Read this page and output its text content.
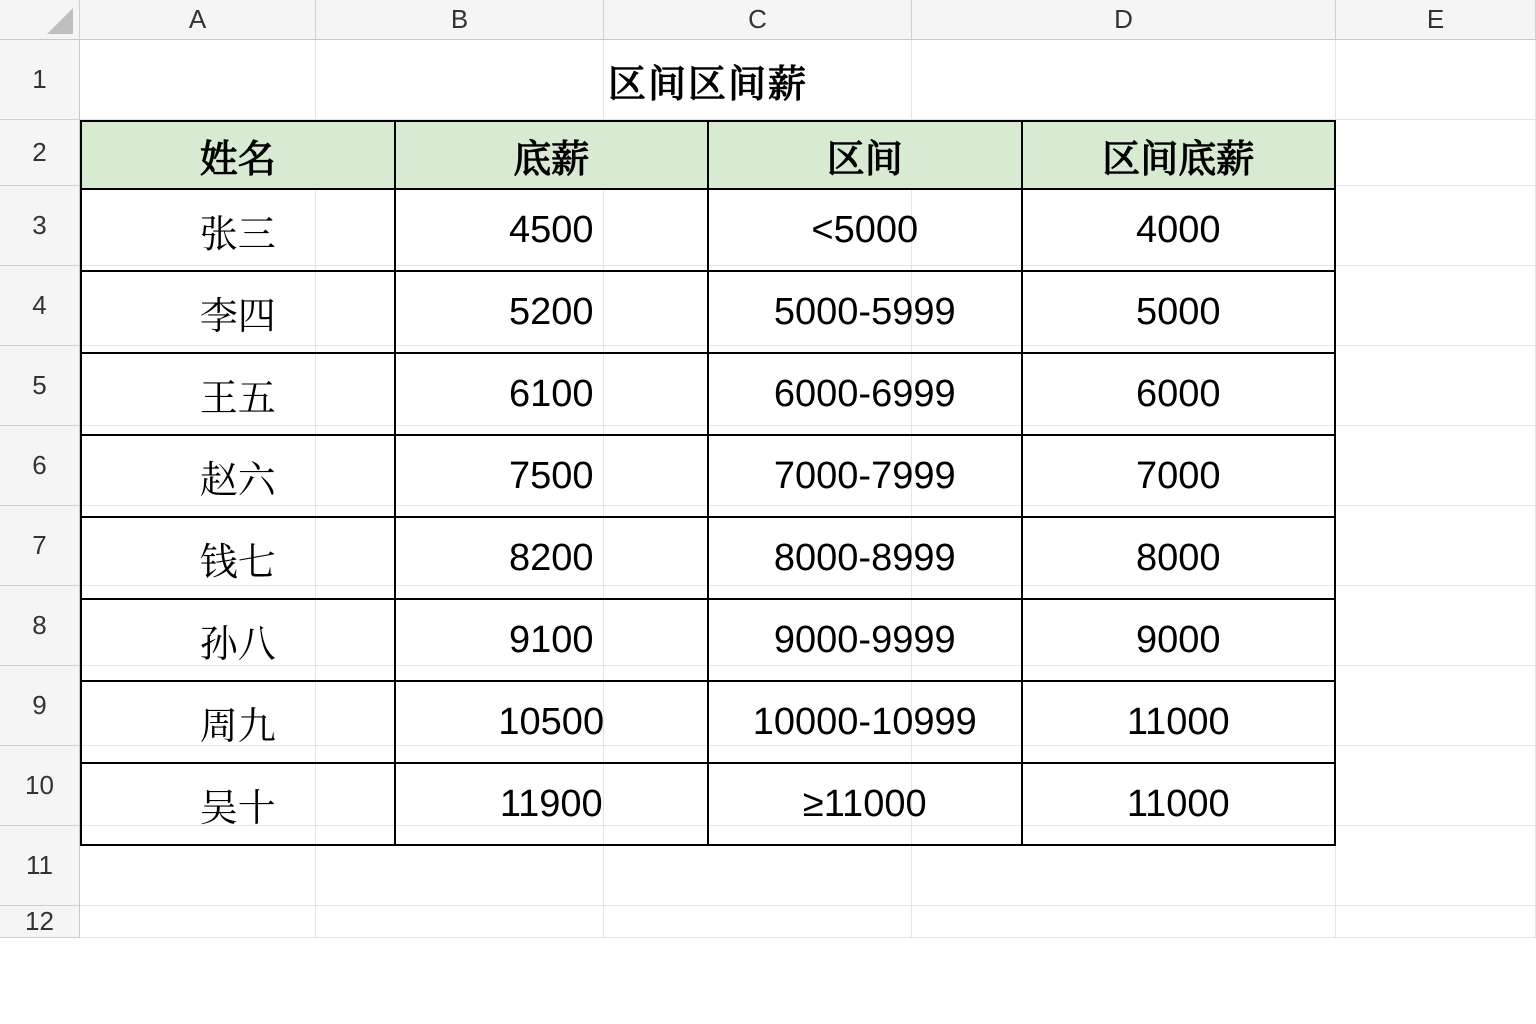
A	B	C	D	E
1
2
3
4
5
6
7
8
9
10
11
12
区间区间薪			
姓名	底薪	区间	区间底薪
张三	4500	<5000	4000
李四	5200	5000-5999	5000
王五	6100	6000-6999	6000
赵六	7500	7000-7999	7000
钱七	8200	8000-8999	8000
孙八	9100	9000-9999	9000
周九	10500	10000-10999	11000
吴十	11900	≥11000	11000
